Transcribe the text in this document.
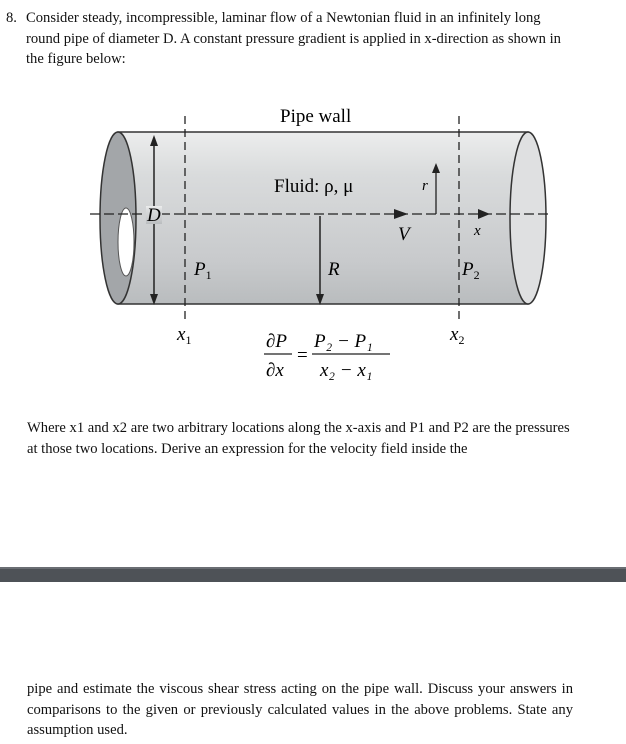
8. Consider steady, incompressible, laminar flow of a Newtonian fluid in an infinitely long round pipe of diameter D. A constant pressure gradient is applied in x-direction as shown in the figure below:
D
R
V
r
x
Pipe wall
Fluid: ρ, μ
$P_1$	$P_2$
$x_1$	$x_2$
∂P
∂x
=
P₂ − P₁
x₂ − x₁

Where x1 and x2 are two arbitrary locations along the x-axis and P1 and P2 are the pressures at those two locations. Derive an expression for the velocity field inside the

pipe and estimate the viscous shear stress acting on the pipe wall. Discuss your answers in comparisons to the given or previously calculated values in the above problems. State any assumption used.
